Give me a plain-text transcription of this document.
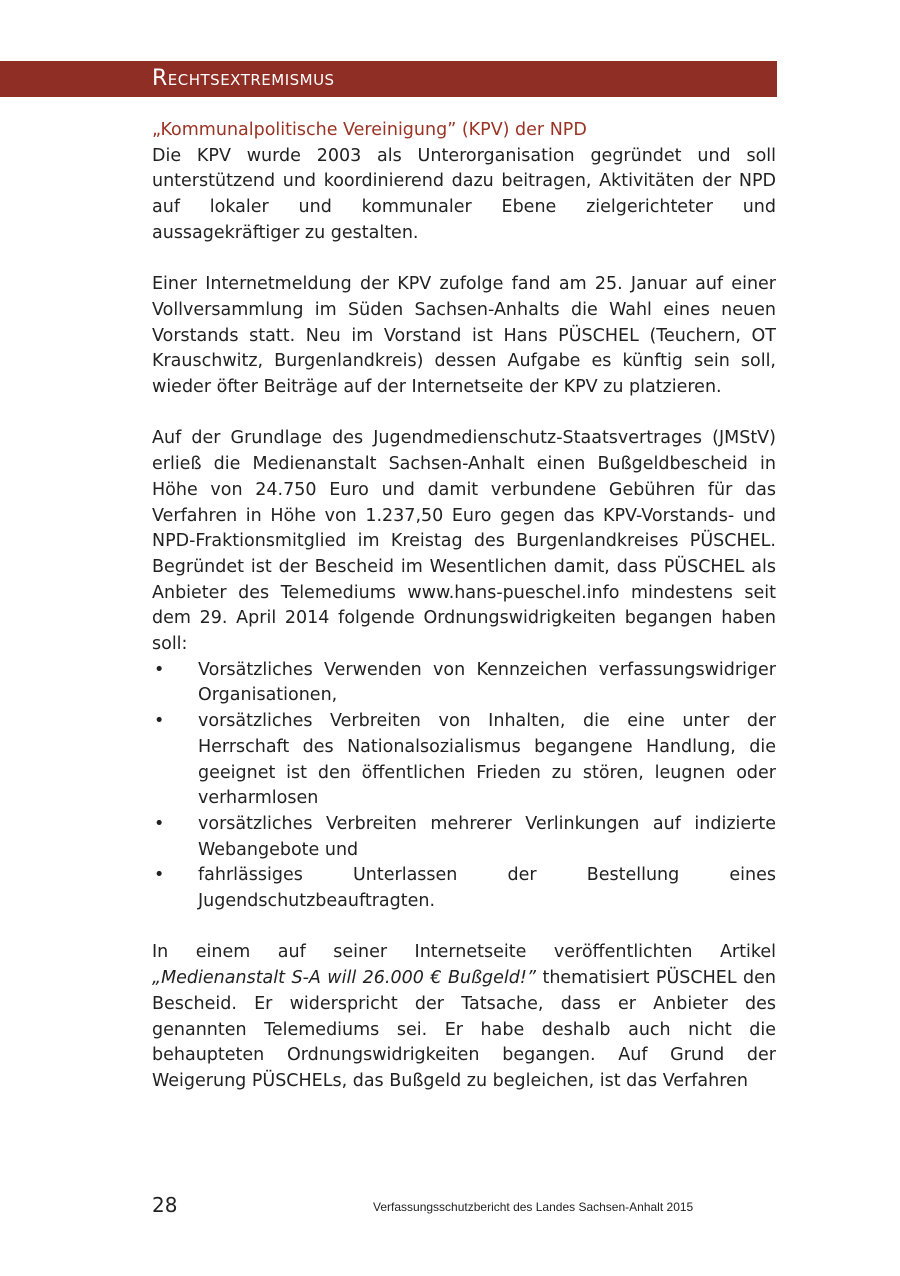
Rechtsextremismus
„Kommunalpolitische Vereinigung” (KPV) der NPD

Die KPV wurde 2003 als Unterorganisation gegründet und soll unterstützend und koordinierend dazu beitragen, Aktivitäten der NPD auf lokaler und kommunaler Ebene zielgerichteter und aussagekräftiger zu gestalten.

Einer Internetmeldung der KPV zufolge fand am 25. Januar auf einer Vollversammlung im Süden Sachsen-Anhalts die Wahl eines neuen Vorstands statt. Neu im Vorstand ist Hans PÜSCHEL (Teuchern, OT Krauschwitz, Burgenlandkreis) dessen Aufgabe es künftig sein soll, wieder öfter Beiträge auf der Internetseite der KPV zu platzieren.

Auf der Grundlage des Jugendmedienschutz-Staatsvertrages (JMStV) erließ die Medienanstalt Sachsen-Anhalt einen Bußgeldbescheid in Höhe von 24.750 Euro und damit verbundene Gebühren für das Verfahren in Höhe von 1.237,50 Euro gegen das KPV-Vorstands- und NPD-Fraktionsmitglied im Kreistag des Burgenlandkreises PÜSCHEL. Begründet ist der Bescheid im Wesentlichen damit, dass PÜSCHEL als Anbieter des Telemediums www.hans-pueschel.info mindestens seit dem 29. April 2014 folgende Ordnungswidrigkeiten begangen haben soll:

•	Vorsätzliches Verwenden von Kennzeichen verfassungswidriger Organisationen,
•	vorsätzliches Verbreiten von Inhalten, die eine unter der Herrschaft des Nationalsozialismus begangene Handlung, die geeignet ist den öffentlichen Frieden zu stören, leugnen oder verharmlosen
•	vorsätzliches Verbreiten mehrerer Verlinkungen auf indizierte Webangebote und
•	fahrlässiges Unterlassen der Bestellung eines Jugendschutzbeauftragten.

In einem auf seiner Internetseite veröffentlichten Artikel „Medienanstalt S-A will 26.000 € Bußgeld!” thematisiert PÜSCHEL den Bescheid. Er widerspricht der Tatsache, dass er Anbieter des genannten Telemediums sei. Er habe deshalb auch nicht die behaupteten Ordnungswidrigkeiten begangen. Auf Grund der Weigerung PÜSCHELs, das Bußgeld zu begleichen, ist das Verfahren

28	Verfassungsschutzbericht des Landes Sachsen-Anhalt 2015
